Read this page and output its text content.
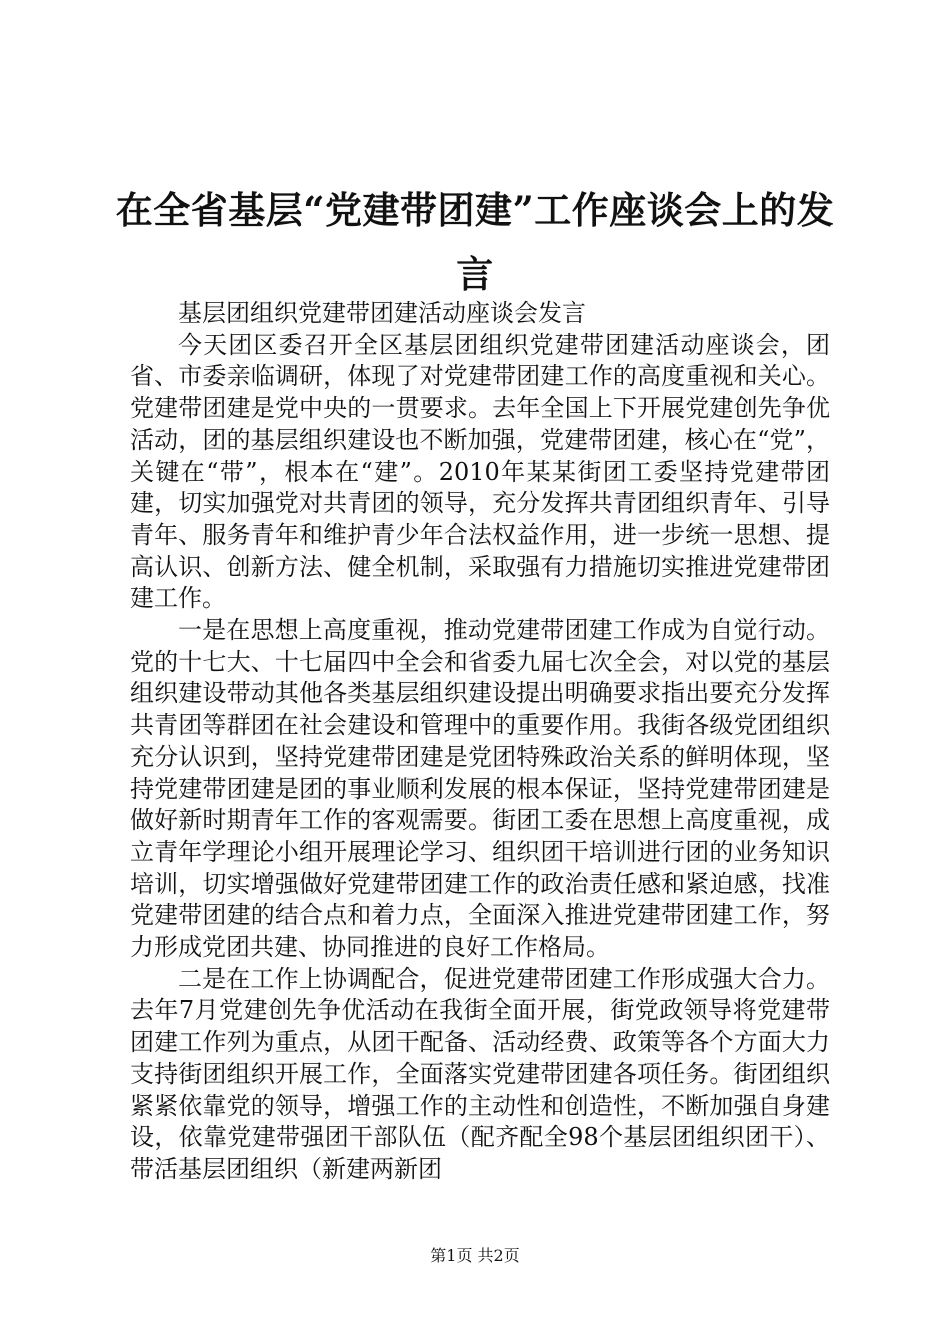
在全省基层“党建带团建”工作座谈会上的发言

基层团组织党建带团建活动座谈会发言

今天团区委召开全区基层团组织党建带团建活动座谈会，团省、市委亲临调研，体现了对党建带团建工作的高度重视和关心。党建带团建是党中央的一贯要求。去年全国上下开展党建创先争优活动，团的基层组织建设也不断加强，党建带团建，核心在“党”，关键在“带”，根本在“建”。2010年某某街团工委坚持党建带团建，切实加强党对共青团的领导，充分发挥共青团组织青年、引导青年、服务青年和维护青少年合法权益作用，进一步统一思想、提高认识、创新方法、健全机制，采取强有力措施切实推进党建带团建工作。

一是在思想上高度重视，推动党建带团建工作成为自觉行动。党的十七大、十七届四中全会和省委九届七次全会，对以党的基层组织建设带动其他各类基层组织建设提出明确要求指出要充分发挥共青团等群团在社会建设和管理中的重要作用。我街各级党团组织充分认识到，坚持党建带团建是党团特殊政治关系的鲜明体现，坚持党建带团建是团的事业顺利发展的根本保证，坚持党建带团建是做好新时期青年工作的客观需要。街团工委在思想上高度重视，成立青年学理论小组开展理论学习、组织团干培训进行团的业务知识培训，切实增强做好党建带团建工作的政治责任感和紧迫感，找准党建带团建的结合点和着力点，全面深入推进党建带团建工作，努力形成党团共建、协同推进的良好工作格局。

二是在工作上协调配合，促进党建带团建工作形成强大合力。去年7月党建创先争优活动在我街全面开展，街党政领导将党建带团建工作列为重点，从团干配备、活动经费、政策等各个方面大力支持街团组织开展工作，全面落实党建带团建各项任务。街团组织紧紧依靠党的领导，增强工作的主动性和创造性，不断加强自身建设，依靠党建带强团干部队伍（配齐配全98个基层团组织团干）、带活基层团组织（新建两新团

第1页 共2页
